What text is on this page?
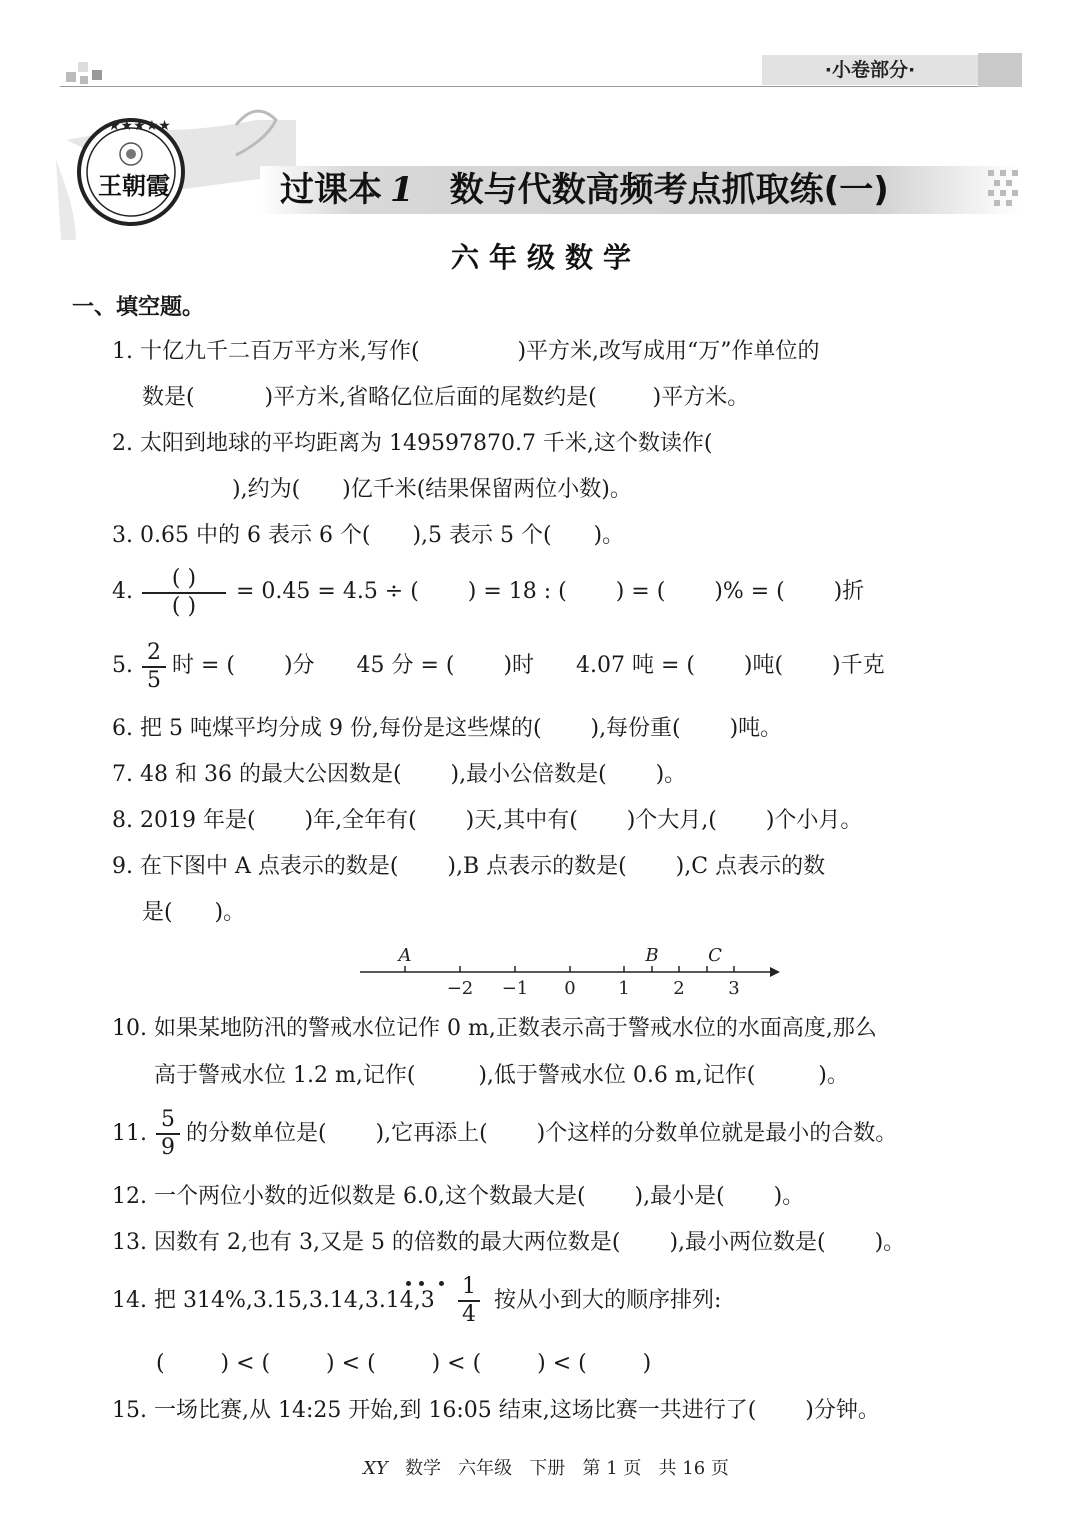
·小卷部分·
★★★★★
王朝霞	过课本 1 数与代数高频考点抓取练(一)
六年级数学
一、填空题。
1. 十亿九千二百万平方米,写作(              )平方米,改写成用“万”作单位的
数是(          )平方米,省略亿位后面的尾数约是(        )平方米。
2. 太阳到地球的平均距离为 149597870.7 千米,这个数读作(
),约为(      )亿千米(结果保留两位小数)。
3. 0.65 中的 6 表示 6 个(      ),5 表示 5 个(      )。
4.
( )
( )
= 0.45 = 4.5 ÷ (       ) = 18 : (       ) = (       )% = (       )折
5.
2
5
时 = (       )分      45 分 = (       )时      4.07 吨 = (       )吨(       )千克
6. 把 5 吨煤平均分成 9 份,每份是这些煤的(       ),每份重(       )吨。
7. 48 和 36 的最大公因数是(       ),最小公倍数是(       )。
8. 2019 年是(       )年,全年有(       )天,其中有(       )个大月,(       )个小月。
9. 在下图中 A 点表示的数是(       ),B 点表示的数是(       ),C 点表示的数
是(      )。
A	B	C
−2 −1 0 1 2 3
10. 如果某地防汛的警戒水位记作 0 m,正数表示高于警戒水位的水面高度,那么
高于警戒水位 1.2 m,记作(         ),低于警戒水位 0.6 m,记作(         )。
11.
5
9
的分数单位是(       ),它再添上(       )个这样的分数单位就是最小的合数。
12. 一个两位小数的近似数是 6.0,这个数最大是(       ),最小是(       )。
13. 因数有 2,也有 3,又是 5 的倍数的最大两位数是(       ),最小两位数是(       )。
14. 把 314%,3.15,3.14,3.14,3
1
4
按从小到大的顺序排列:
(        ) < (        ) < (        ) < (        ) < (        )
15. 一场比赛,从 14:25 开始,到 16:05 结束,这场比赛一共进行了(       )分钟。
XY   数学   六年级   下册   第 1 页   共 16 页
